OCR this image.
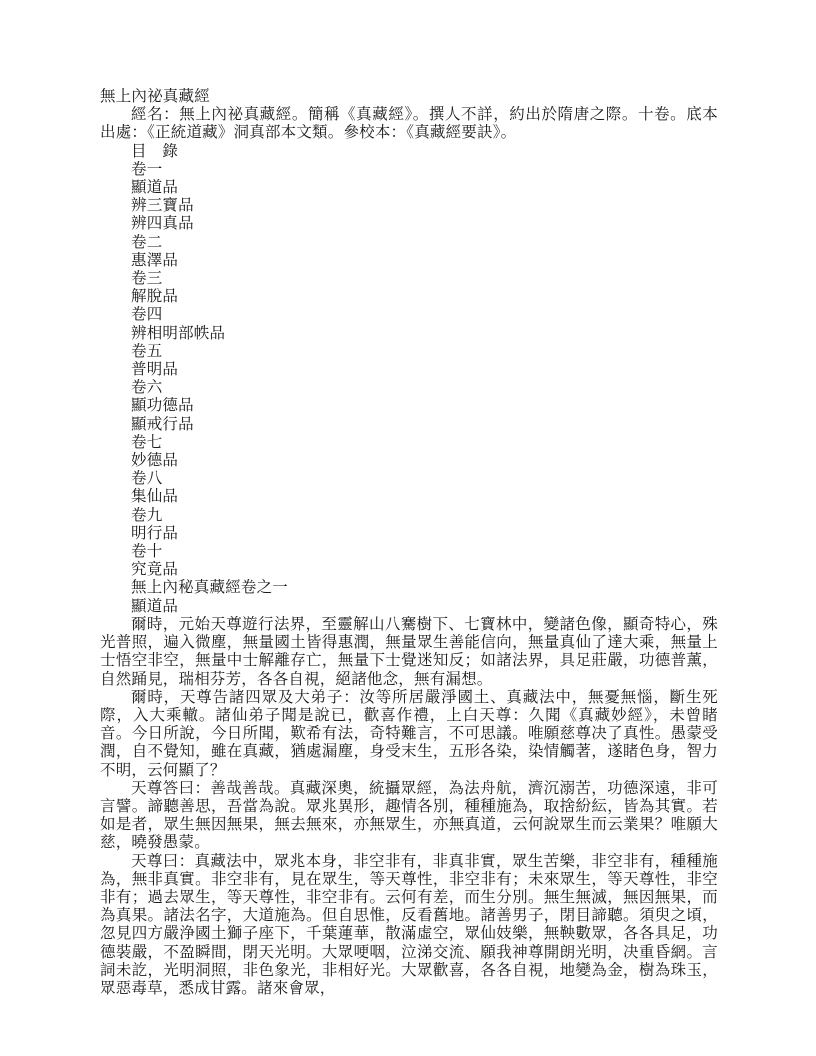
無上內祕真藏經
經名：無上內祕真藏經。簡稱《真藏經》。撰人不詳，約出於隋唐之際。十卷。底本出處：《正統道藏》洞真部本文類。參校本：《真藏經要訣》。
目　錄
卷一
顯道品
辨三寶品
辨四真品
卷二
惠澤品
卷三
解脫品
卷四
辨相明部帙品
卷五
普明品
卷六
顯功德品
顯戒行品
卷七
妙德品
卷八
集仙品
卷九
明行品
卷十
究竟品
無上內秘真藏經卷之一
顯道品
爾時，元始天尊遊行法界，至靈解山八騫樹下、七寶林中，變諸色像，顯奇特心，殊光普照，遍入微塵，無量國土皆得惠潤，無量眾生善能信向，無量真仙了達大乘，無量上士悟空非空，無量中士解離存亡，無量下士覺迷知反；如諸法界，具足莊嚴，功德普薰，自然踊見，瑞相芬芳，各各自視，絕諸他念，無有漏想。
爾時，天尊告諸四眾及大弟子：汝等所居嚴淨國土、真藏法中，無憂無惱，斷生死際，入大乘轍。諸仙弟子聞是說已，歡喜作禮，上白天尊：久聞《真藏妙經》，未曾睹音。今日所說，今日所聞，歎希有法，奇特難言，不可思議。唯願慈尊决了真性。愚蒙受潤，自不覺知，雖在真藏，猶處漏塵，身受末生，五形各染，染情觸著，遂睹色身，智力不明，云何顯了？
天尊答曰：善哉善哉。真藏深奧，統攝眾經，為法舟航，濟沉溺苦，功德深遠，非可言譬。諦聽善思，吾當為說。眾兆異形，趣情各別，種種施為，取捨紛紜，皆為其實。若如是者，眾生無因無果，無去無來，亦無眾生，亦無真道，云何說眾生而云業果？唯願大慈，曉發愚蒙。
天尊曰：真藏法中，眾兆本身，非空非有，非真非實，眾生苦樂，非空非有，種種施為，無非真實。非空非有，見在眾生，等天尊性，非空非有；未來眾生，等天尊性，非空非有；過去眾生，等天尊性，非空非有。云何有差，而生分別。無生無滅，無因無果，而為真果。諸法名字，大道施為。但自思惟，反看舊地。諸善男子，閉目諦聽。須臾之頃，忽見四方嚴浄國土獅子座下，千葉蓮華，散滿虛空，眾仙妓樂，無鞅數眾，各各具足，功德裝嚴，不盈瞬間，閉天光明。大眾哽咽，泣涕交流、願我神尊開朗光明，决重昏網。言詞未訖，光明洞照，非色象光，非相好光。大眾歡喜，各各自視，地變為金，樹為珠玉，眾惡毒草，悉成甘露。諸來會眾，
